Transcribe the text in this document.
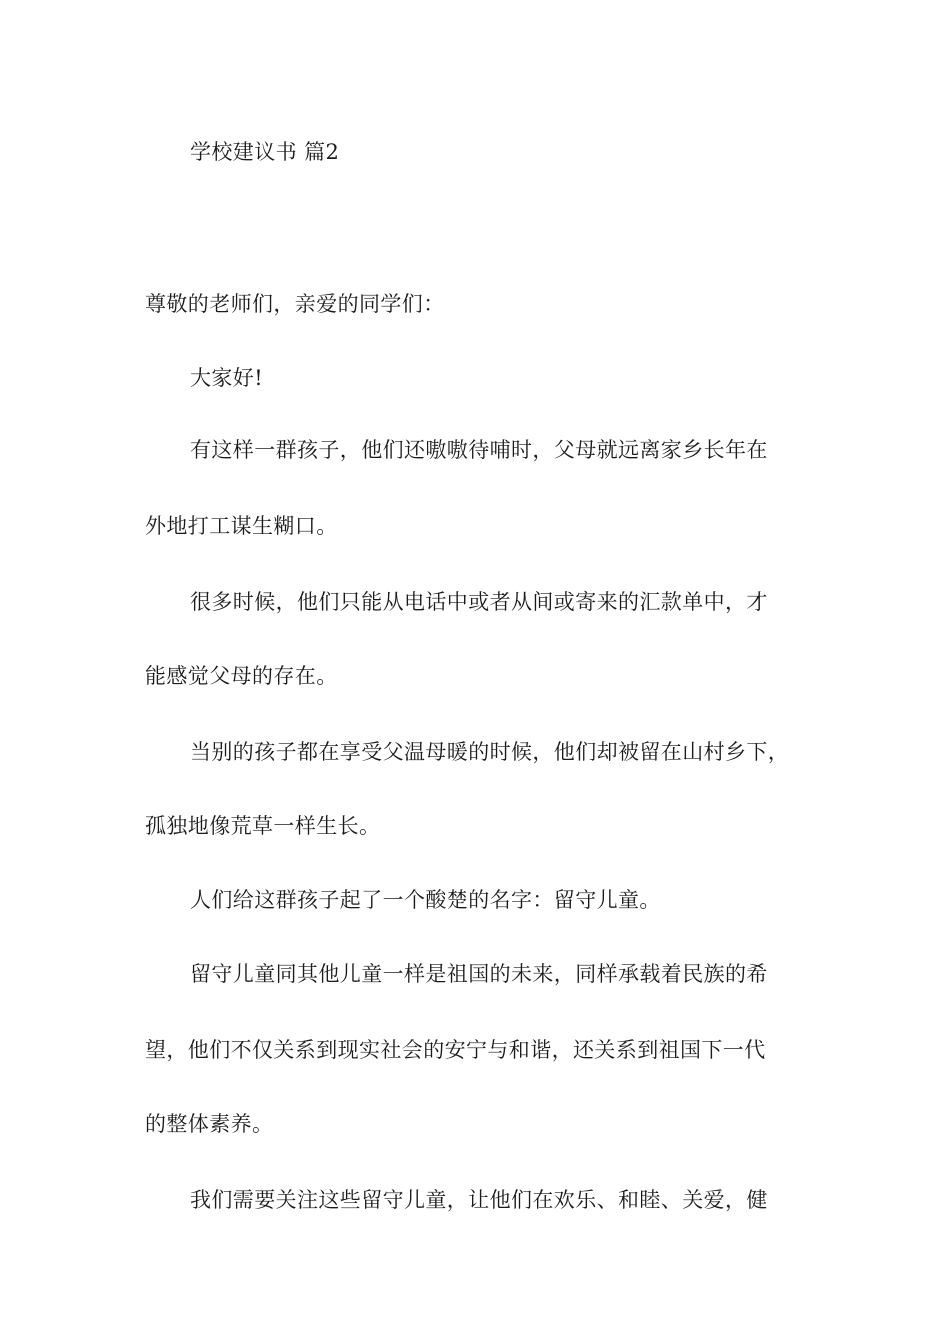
学校建议书 篇2
尊敬的老师们，亲爱的同学们：
大家好!
有这样一群孩子，他们还嗷嗷待哺时，父母就远离家乡长年在
外地打工谋生糊口。
很多时候，他们只能从电话中或者从间或寄来的汇款单中，才
能感觉父母的存在。
当别的孩子都在享受父温母暖的时候，他们却被留在山村乡下，
孤独地像荒草一样生长。
人们给这群孩子起了一个酸楚的名字：留守儿童。
留守儿童同其他儿童一样是祖国的未来，同样承载着民族的希
望，他们不仅关系到现实社会的安宁与和谐，还关系到祖国下一代
的整体素养。
我们需要关注这些留守儿童，让他们在欢乐、和睦、关爱，健
